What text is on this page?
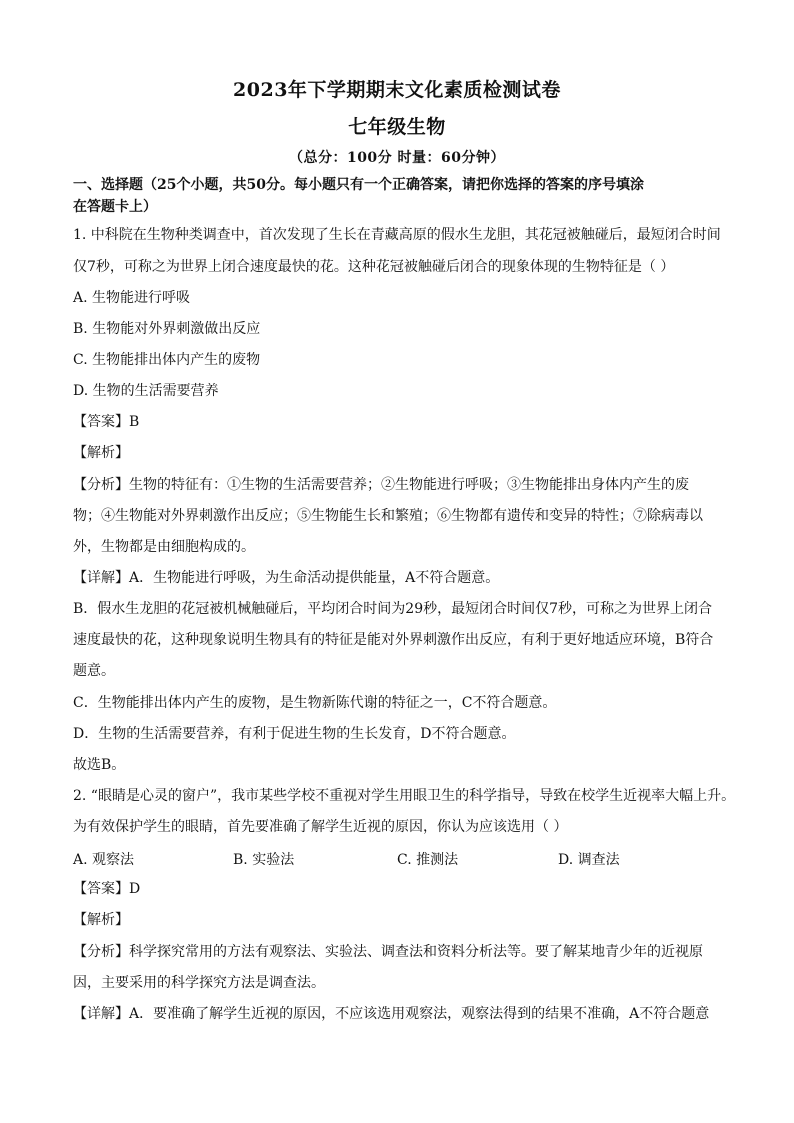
2023年下学期期末文化素质检测试卷
七年级生物
（总分：100分 时量：60分钟）
一、选择题（25个小题，共50分。每小题只有一个正确答案，请把你选择的答案的序号填涂
在答题卡上）
1. 中科院在生物种类调查中，首次发现了生长在青藏高原的假水生龙胆，其花冠被触碰后，最短闭合时间
仅7秒，可称之为世界上闭合速度最快的花。这种花冠被触碰后闭合的现象体现的生物特征是（ ）
A. 生物能进行呼吸
B. 生物能对外界刺激做出反应
C. 生物能排出体内产生的废物
D. 生物的生活需要营养
【答案】B
【解析】
【分析】生物的特征有：①生物的生活需要营养；②生物能进行呼吸；③生物能排出身体内产生的废
物；④生物能对外界刺激作出反应；⑤生物能生长和繁殖；⑥生物都有遗传和变异的特性；⑦除病毒以
外，生物都是由细胞构成的。
【详解】A．生物能进行呼吸，为生命活动提供能量，A不符合题意。
B．假水生龙胆的花冠被机械触碰后，平均闭合时间为29秒，最短闭合时间仅7秒，可称之为世界上闭合
速度最快的花，这种现象说明生物具有的特征是能对外界刺激作出反应，有利于更好地适应环境，B符合
题意。
C．生物能排出体内产生的废物，是生物新陈代谢的特征之一，C不符合题意。
D．生物的生活需要营养，有利于促进生物的生长发育，D不符合题意。
故选B。
2. “眼睛是心灵的窗户”，我市某些学校不重视对学生用眼卫生的科学指导，导致在校学生近视率大幅上升。
为有效保护学生的眼睛，首先要准确了解学生近视的原因，你认为应该选用（ ）
A. 观察法	B. 实验法	C. 推测法	D. 调查法
【答案】D
【解析】
【分析】科学探究常用的方法有观察法、实验法、调查法和资料分析法等。要了解某地青少年的近视原
因，主要采用的科学探究方法是调查法。
【详解】A．要准确了解学生近视的原因，不应该选用观察法，观察法得到的结果不准确，A不符合题意
